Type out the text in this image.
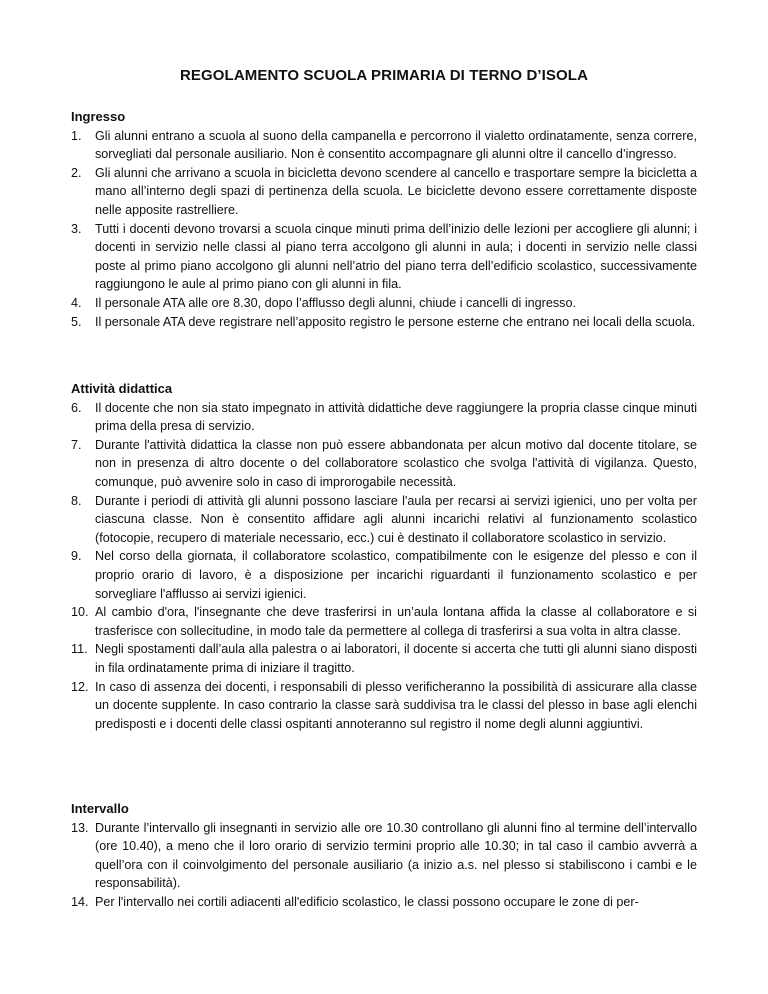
REGOLAMENTO SCUOLA PRIMARIA DI TERNO D’ISOLA
Ingresso
1. Gli alunni entrano a scuola al suono della campanella e percorrono il vialetto ordinatamente, senza correre, sorvegliati dal personale ausiliario. Non è consentito accompagnare gli alunni oltre il cancello d’ingresso.
2. Gli alunni che arrivano a scuola in bicicletta devono scendere al cancello e trasportare sempre la bicicletta a mano all’interno degli spazi di pertinenza della scuola. Le biciclette devono essere correttamente disposte nelle apposite rastrelliere.
3. Tutti i docenti devono trovarsi a scuola cinque minuti prima dell’inizio delle lezioni per accogliere gli alunni; i docenti in servizio nelle classi al piano terra accolgono gli alunni in aula; i docenti in servizio nelle classi poste al primo piano accolgono gli alunni nell’atrio del piano terra dell’edificio scolastico, successivamente raggiungono le aule al primo piano con gli alunni in fila.
4. Il personale ATA alle ore 8.30, dopo l’afflusso degli alunni, chiude i cancelli di ingresso.
5. Il personale ATA deve registrare nell’apposito registro le persone esterne che entrano nei locali della scuola.
Attività didattica
6. Il docente che non sia stato impegnato in attività didattiche deve raggiungere la propria classe cinque minuti prima della presa di servizio.
7. Durante l'attività didattica la classe non può essere abbandonata per alcun motivo dal docente titolare, se non in presenza di altro docente o del collaboratore scolastico che svolga l'attività di vigilanza. Questo, comunque, può avvenire solo in caso di improrogabile necessità.
8. Durante i periodi di attività gli alunni possono lasciare l'aula per recarsi ai servizi igienici, uno per volta per ciascuna classe. Non è consentito affidare agli alunni incarichi relativi al funzionamento scolastico (fotocopie, recupero di materiale necessario, ecc.) cui è destinato il collaboratore scolastico in servizio.
9. Nel corso della giornata, il collaboratore scolastico, compatibilmente con le esigenze del plesso e con il proprio orario di lavoro, è a disposizione per incarichi riguardanti il funzionamento scolastico e per sorvegliare l'afflusso ai servizi igienici.
10. Al cambio d'ora, l'insegnante che deve trasferirsi in un’aula lontana affida la classe al collaboratore e si trasferisce con sollecitudine, in modo tale da permettere al collega di trasferirsi a sua volta in altra classe.
11. Negli spostamenti dall’aula alla palestra o ai laboratori, il docente si accerta che tutti gli alunni siano disposti in fila ordinatamente prima di iniziare il tragitto.
12. In caso di assenza dei docenti, i responsabili di plesso verificheranno la possibilità di assicurare alla classe un docente supplente. In caso contrario la classe sarà suddivisa tra le classi del plesso in base agli elenchi predisposti e i docenti delle classi ospitanti annoteranno sul registro il nome degli alunni aggiuntivi.
Intervallo
13. Durante l’intervallo gli insegnanti in servizio alle ore 10.30 controllano gli alunni fino al termine dell’intervallo (ore 10.40), a meno che il loro orario di servizio termini proprio alle 10.30; in tal caso il cambio avverrà a quell’ora con il coinvolgimento del personale ausiliario (a inizio a.s. nel plesso si stabiliscono i cambi e le responsabilità).
14. Per l'intervallo nei cortili adiacenti all'edificio scolastico, le classi possono occupare le zone di per-
